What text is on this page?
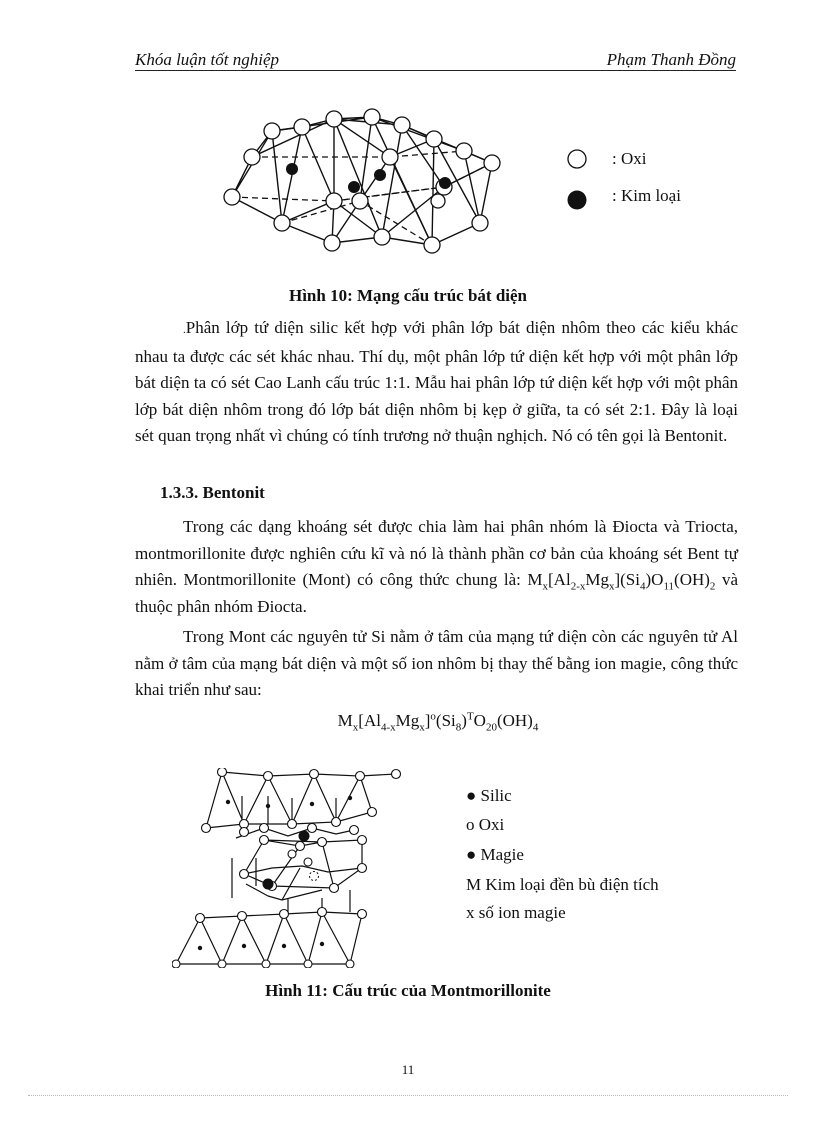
Khóa luận tốt nghiệp	Phạm Thanh Đồng
: Oxi
: Kim loại
Hình 10: Mạng cấu trúc bát diện
.Phân lớp tứ diện silic kết hợp với phân lớp bát diện nhôm theo các kiểu khác nhau ta được các sét khác nhau. Thí dụ, một phân lớp tứ diện kết hợp với một phân lớp bát diện ta có sét Cao Lanh cấu trúc 1:1. Mẫu hai phân lớp tứ diện kết hợp với một phân lớp bát diện nhôm trong đó lớp bát diện nhôm bị kẹp ở giữa, ta có sét 2:1. Đây là loại sét quan trọng nhất vì chúng có tính trương nở thuận nghịch. Nó có tên gọi là Bentonit.
1.3.3. Bentonit
Trong các dạng khoáng sét được chia làm hai phân nhóm là Điocta và Triocta, montmorillonite được nghiên cứu kĩ và nó là thành phần cơ bản của khoáng sét Bent tự nhiên. Montmorillonite (Mont) có công thức chung là: $M_x[Al_{2-x}Mg_x](Si_4)O_{11}(OH)_2$ và thuộc phân nhóm Điocta.
Trong Mont các nguyên tử Si nằm ở tâm của mạng tứ diện còn các nguyên tử Al nằm ở tâm của mạng bát diện và một số ion nhôm bị thay thế bằng ion magie, công thức khai triển như sau:
$M_x[Al_{4-x}Mg_x]^o(Si_8)^TO_{20}(OH)_4$
● Silic
o Oxi
● Magie
M Kim loại đền bù điện tích
x số ion magie
Hình 11: Cấu trúc của Montmorillonite
11
